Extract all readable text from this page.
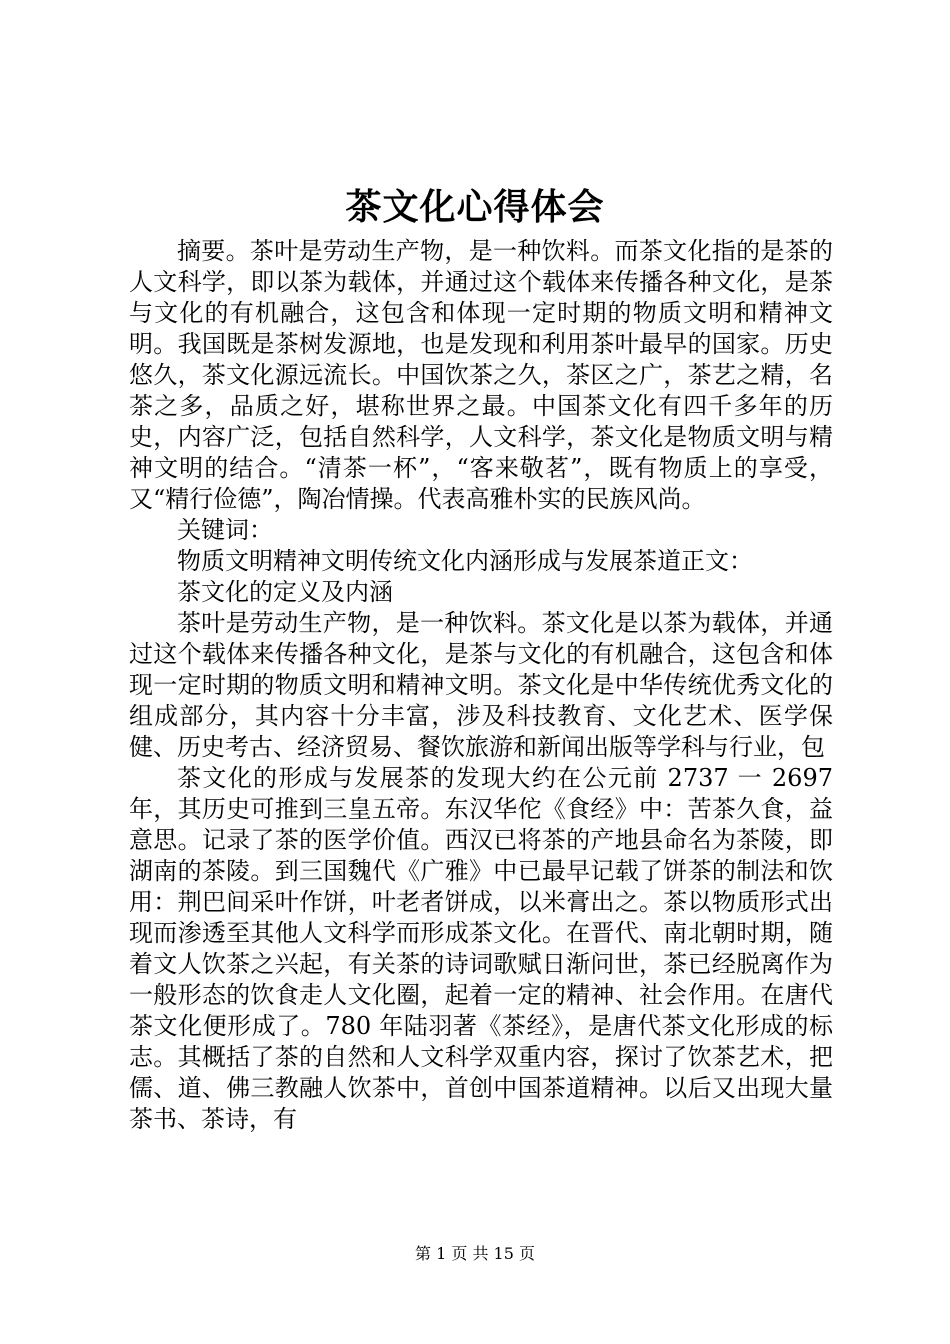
茶文化心得体会

摘要。茶叶是劳动生产物，是一种饮料。而茶文化指的是茶的人文科学，即以茶为载体，并通过这个载体来传播各种文化，是茶与文化的有机融合，这包含和体现一定时期的物质文明和精神文明。我国既是茶树发源地，也是发现和利用茶叶最早的国家。历史悠久，茶文化源远流长。中国饮茶之久，茶区之广，茶艺之精，名茶之多，品质之好，堪称世界之最。中国茶文化有四千多年的历史，内容广泛，包括自然科学，人文科学，茶文化是物质文明与精神文明的结合。“清茶一杯”，“客来敬茗”，既有物质上的享受，又“精行俭德”，陶冶情操。代表高雅朴实的民族风尚。

关键词：

物质文明精神文明传统文化内涵形成与发展茶道正文：

茶文化的定义及内涵

茶叶是劳动生产物，是一种饮料。茶文化是以茶为载体，并通过这个载体来传播各种文化，是茶与文化的有机融合，这包含和体现一定时期的物质文明和精神文明。茶文化是中华传统优秀文化的组成部分，其内容十分丰富，涉及科技教育、文化艺术、医学保健、历史考古、经济贸易、餐饮旅游和新闻出版等学科与行业，包

茶文化的形成与发展茶的发现大约在公元前 2737 一 2697 年，其历史可推到三皇五帝。东汉华佗《食经》中：苦茶久食，益意思。记录了茶的医学价值。西汉已将茶的产地县命名为茶陵，即湖南的茶陵。到三国魏代《广雅》中已最早记载了饼茶的制法和饮用：荆巴间采叶作饼，叶老者饼成，以米膏出之。茶以物质形式出现而渗透至其他人文科学而形成茶文化。在晋代、南北朝时期，随着文人饮茶之兴起，有关茶的诗词歌赋日渐问世，茶已经脱离作为一般形态的饮食走人文化圈，起着一定的精神、社会作用。在唐代茶文化便形成了。780 年陆羽著《茶经》，是唐代茶文化形成的标志。其概括了茶的自然和人文科学双重内容，探讨了饮茶艺术，把儒、道、佛三教融人饮茶中，首创中国茶道精神。以后又出现大量茶书、茶诗，有

第 1 页 共 15 页
